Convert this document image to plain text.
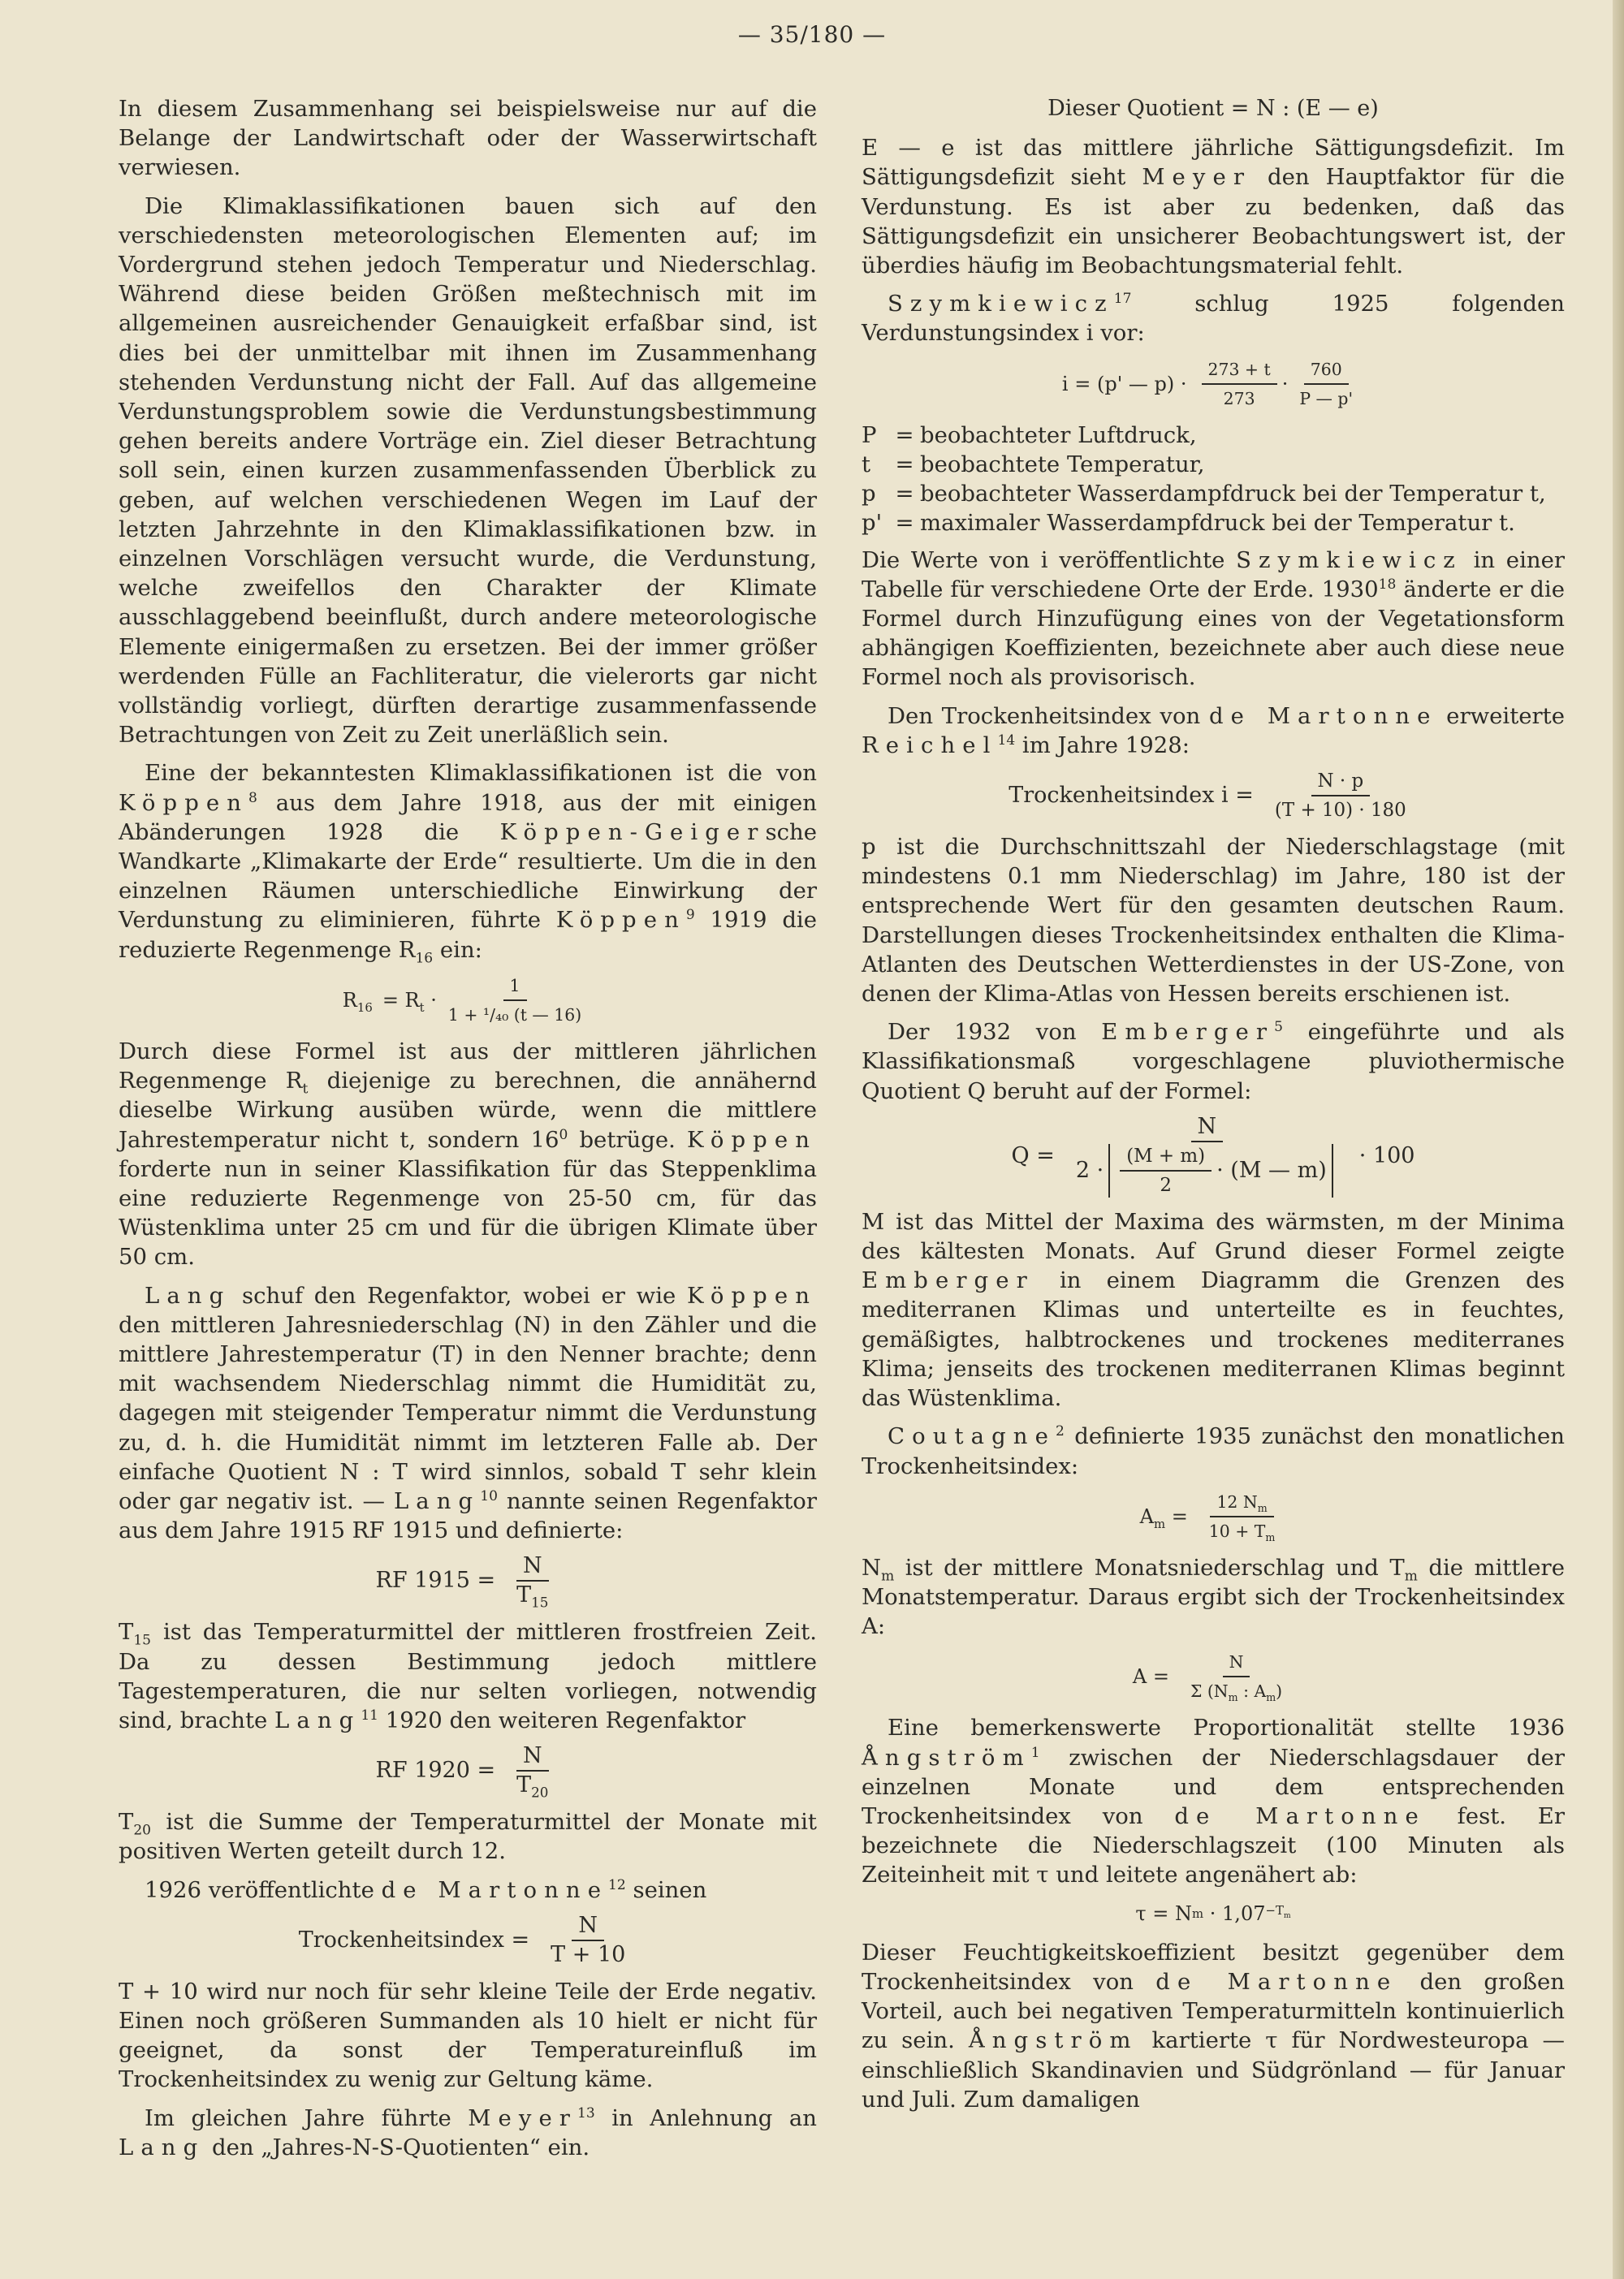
— 35/180 —

In diesem Zusammenhang sei beispielsweise nur auf die Belange der Landwirtschaft oder der Wasserwirtschaft verwiesen.

Die Klimaklassifikationen bauen sich auf den verschiedensten meteorologischen Elementen auf; im Vordergrund stehen jedoch Temperatur und Niederschlag. Während diese beiden Größen meßtechnisch mit im allgemeinen ausreichender Genauigkeit erfaßbar sind, ist dies bei der unmittelbar mit ihnen im Zusammenhang stehenden Verdunstung nicht der Fall. Auf das allgemeine Verdunstungsproblem sowie die Verdunstungsbestimmung gehen bereits andere Vorträge ein. Ziel dieser Betrachtung soll sein, einen kurzen zusammenfassenden Überblick zu geben, auf welchen verschiedenen Wegen im Lauf der letzten Jahrzehnte in den Klimaklassifikationen bzw. in einzelnen Vorschlägen versucht wurde, die Verdunstung, welche zweifellos den Charakter der Klimate ausschlaggebend beeinflußt, durch andere meteorologische Elemente einigermaßen zu ersetzen. Bei der immer größer werdenden Fülle an Fachliteratur, die vielerorts gar nicht vollständig vorliegt, dürften derartige zusammenfassende Betrachtungen von Zeit zu Zeit unerläßlich sein.

Eine der bekanntesten Klimaklassifikationen ist die von Köppen$^8$ aus dem Jahre 1918, aus der mit einigen Abänderungen 1928 die Köppen-Geigersche Wandkarte „Klimakarte der Erde“ resultierte. Um die in den einzelnen Räumen unterschiedliche Einwirkung der Verdunstung zu eliminieren, führte Köppen$^9$ 1919 die reduzierte Regenmenge $R_{16}$ ein:

$R_{16} = R_t \cdot \frac{1}{\text{1 + ¹/₄₀ (t — 16)}}$

Durch diese Formel ist aus der mittleren jährlichen Regenmenge $R_t$ diejenige zu berechnen, die annähernd dieselbe Wirkung ausüben würde, wenn die mittlere Jahrestemperatur nicht t, sondern $16^0$ betrüge. Köppen forderte nun in seiner Klassifikation für das Steppenklima eine reduzierte Regenmenge von 25-50 cm, für das Wüstenklima unter 25 cm und für die übrigen Klimate über 50 cm.

Lang schuf den Regenfaktor, wobei er wie Köppen den mittleren Jahresniederschlag (N) in den Zähler und die mittlere Jahrestemperatur (T) in den Nenner brachte; denn mit wachsendem Niederschlag nimmt die Humidität zu, dagegen mit steigender Temperatur nimmt die Verdunstung zu, d. h. die Humidität nimmt im letzteren Falle ab. Der einfache Quotient N : T wird sinnlos, sobald T sehr klein oder gar negativ ist. — Lang$^{10}$ nannte seinen Regenfaktor aus dem Jahre 1915 RF 1915 und definierte:

RF $1915 = \frac{N}{T_{15}}$

$T_{15}$ ist das Temperaturmittel der mittleren frostfreien Zeit. Da zu dessen Bestimmung jedoch mittlere Tagestemperaturen, die nur selten vorliegen, notwendig sind, brachte Lang$^{11}$ 1920 den weiteren Regenfaktor

RF $1920 = \frac{N}{T_{20}}$

$T_{20}$ ist die Summe der Temperaturmittel der Monate mit positiven Werten geteilt durch 12.

1926 veröffentlichte de Martonne$^{12}$ seinen

Trockenheitsindex = $\frac{N}{T + 10}$

T + 10 wird nur noch für sehr kleine Teile der Erde negativ. Einen noch größeren Summanden als 10 hielt er nicht für geeignet, da sonst der Temperatureinfluß im Trockenheitsindex zu wenig zur Geltung käme.

Im gleichen Jahre führte Meyer$^{13}$ in Anlehnung an Lang den „Jahres-N-S-Quotienten“ ein.

Dieser Quotient = N : (E — e)

E — e ist das mittlere jährliche Sättigungsdefizit. Im Sättigungsdefizit sieht Meyer den Hauptfaktor für die Verdunstung. Es ist aber zu bedenken, daß das Sättigungsdefizit ein unsicherer Beobachtungswert ist, der überdies häufig im Beobachtungsmaterial fehlt.

Szymkiewicz$^{17}$	schlug 1925 folgenden Verdunstungsindex i vor:

i = (p' — $p) \cdot \frac{273 + t}{273} \cdot \frac{760}{P — p'}$
P = beobachteter Luftdruck,
t	= beobachtete Temperatur,
p = beobachteter Wasserdampfdruck bei der Temperatur t,
p' = maximaler Wasserdampfdruck bei der Temperatur t.

Die Werte von i veröffentlichte Szymkiewicz in einer Tabelle für verschiedene Orte der Erde. 1930$^{18}$ änderte er die Formel durch Hinzufügung eines von der Vegetationsform abhängigen Koeffizienten, bezeichnete aber auch diese neue Formel noch als provisorisch.

Den Trockenheitsindex von de Martonne erweiterte Reichel$^{14}$ im Jahre 1928:

Trockenheitsindex $i = \frac{N \cdot p}{(T + 10) \cdot 180}$

p ist die Durchschnittszahl der Niederschlagstage (mit mindestens 0.1 mm Niederschlag) im Jahre, 180 ist der entsprechende Wert für den gesamten deutschen Raum. Darstellungen dieses Trockenheitsindex enthalten die Klima-Atlanten des Deutschen Wetterdienstes in der US-Zone, von denen der Klima-Atlas von Hessen bereits erschienen ist.

Der 1932 von Emberger$^5$ eingeführte und als Klassifikationsmaß vorgeschlagene pluviothermische Quotient Q beruht auf der Formel:

$Q = \frac{N}{2 \cdot \frac{(M + m)}{2} \cdot (M — m)} \cdot 100$

M ist das Mittel der Maxima des wärmsten, m der Minima des kältesten Monats. Auf Grund dieser Formel zeigte Emberger in einem Diagramm die Grenzen des mediterranen Klimas und unterteilte es in feuchtes, gemäßigtes, halbtrockenes und trockenes mediterranes Klima; jenseits des trockenen mediterranen Klimas beginnt das Wüstenklima.

Coutagne$^2$ definierte 1935 zunächst den monatlichen Trockenheitsindex:

$A_m = \frac{12 N_m}{10 + T_m}$

$N_m$ ist der mittlere Monatsniederschlag und $T_m$ die mittlere Monatstemperatur. Daraus ergibt sich der Trockenheitsindex A:

$A = \frac{N}{\Sigma (N_m : A_m)}$

Eine bemerkenswerte Proportionalität stellte 1936 Ångström$^1$ zwischen der Niederschlagsdauer der einzelnen Monate und dem entsprechenden Trockenheitsindex von de Martonne fest. Er bezeichnete die Niederschlagszeit (100 Minuten als Zeiteinheit mit τ und leitete angenähert ab:

τ = N m
· $1,07 -T_m$

Dieser Feuchtigkeitskoeffizient besitzt gegenüber dem Trockenheitsindex von de Martonne den großen Vorteil, auch bei negativen Temperaturmitteln kontinuierlich zu sein. Ångström kartierte τ für Nordwesteuropa — einschließlich Skandinavien und Südgrönland — für Januar und Juli. Zum damaligen
